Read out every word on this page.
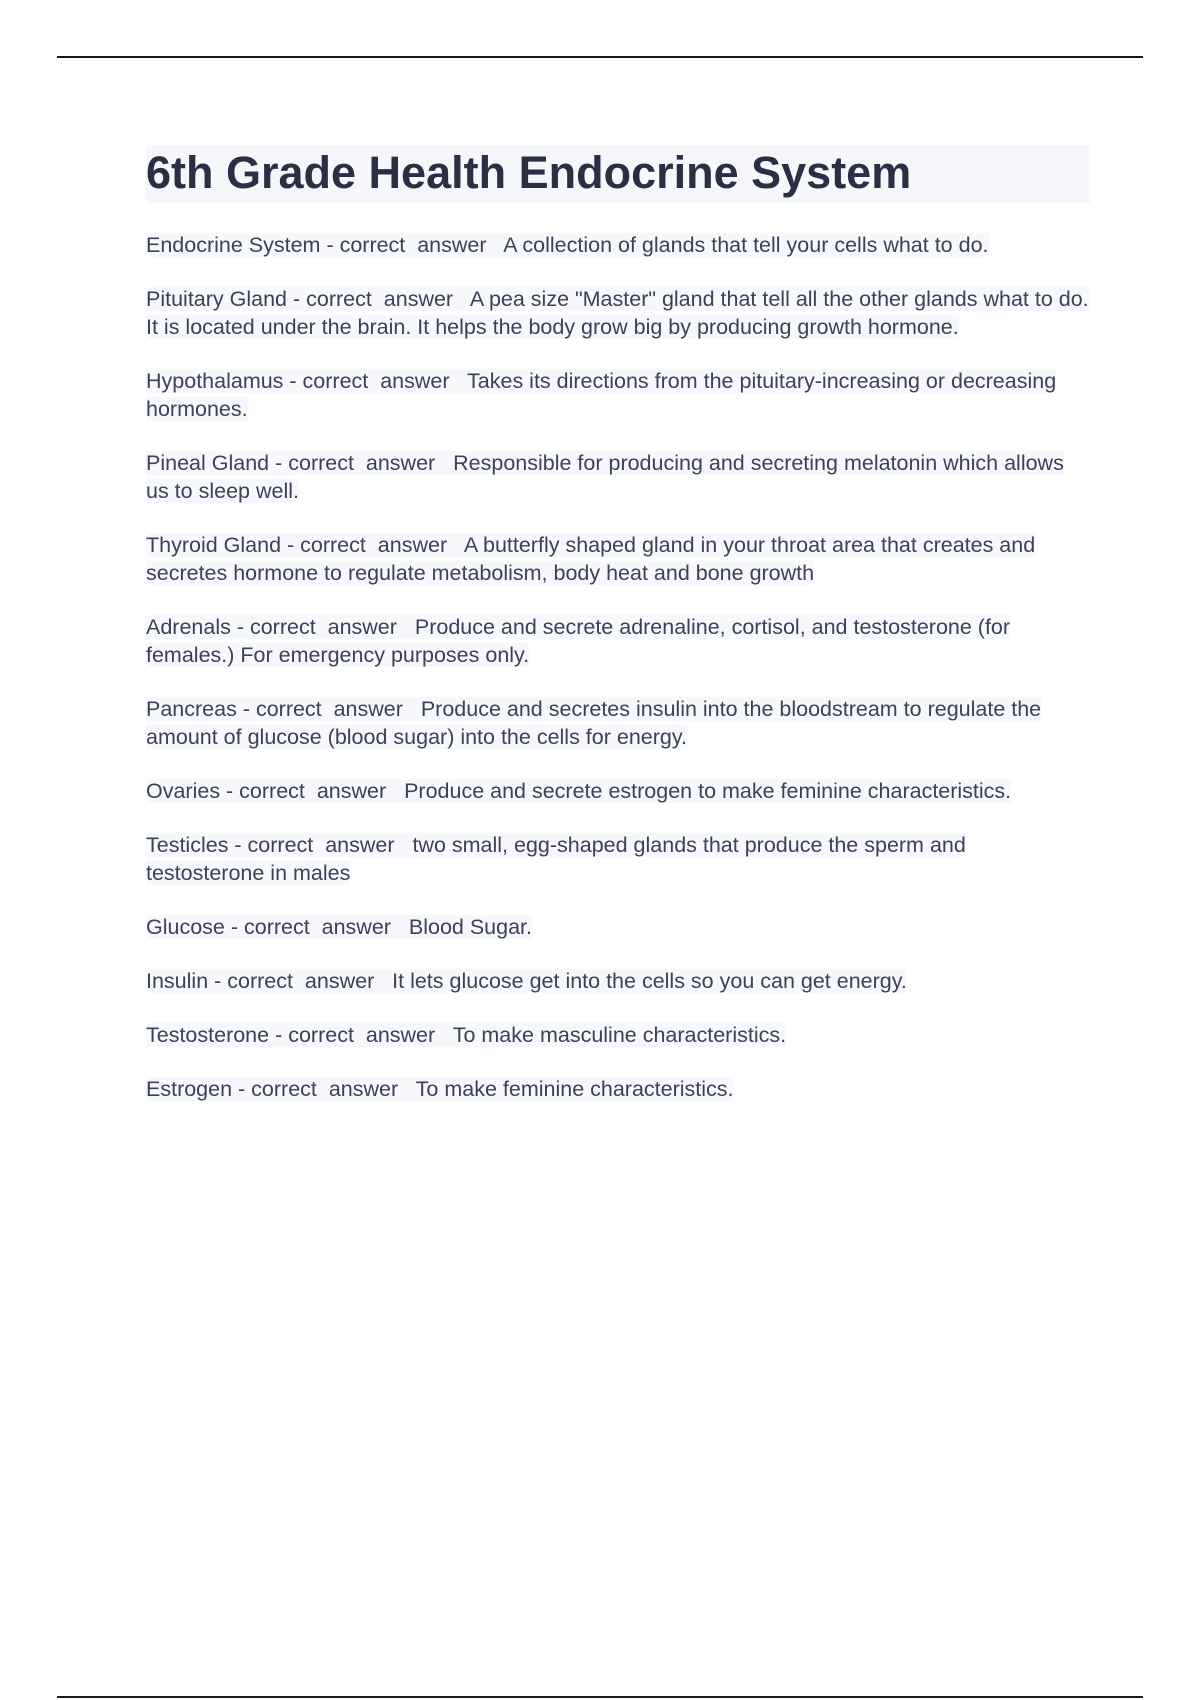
6th Grade Health Endocrine System
Endocrine System - correct  answer   A collection of glands that tell your cells what to do.
Pituitary Gland - correct  answer   A pea size "Master" gland that tell all the other glands what to do. It is located under the brain. It helps the body grow big by producing growth hormone.
Hypothalamus - correct  answer   Takes its directions from the pituitary-increasing or decreasing hormones.
Pineal Gland - correct  answer   Responsible for producing and secreting melatonin which allows us to sleep well.
Thyroid Gland - correct  answer   A butterfly shaped gland in your throat area that creates and secretes hormone to regulate metabolism, body heat and bone growth
Adrenals - correct  answer   Produce and secrete adrenaline, cortisol, and testosterone (for females.) For emergency purposes only.
Pancreas - correct  answer   Produce and secretes insulin into the bloodstream to regulate the amount of glucose (blood sugar) into the cells for energy.
Ovaries - correct  answer   Produce and secrete estrogen to make feminine characteristics.
Testicles - correct  answer   two small, egg-shaped glands that produce the sperm and testosterone in males
Glucose - correct  answer   Blood Sugar.
Insulin - correct  answer   It lets glucose get into the cells so you can get energy.
Testosterone - correct  answer   To make masculine characteristics.
Estrogen - correct  answer   To make feminine characteristics.
